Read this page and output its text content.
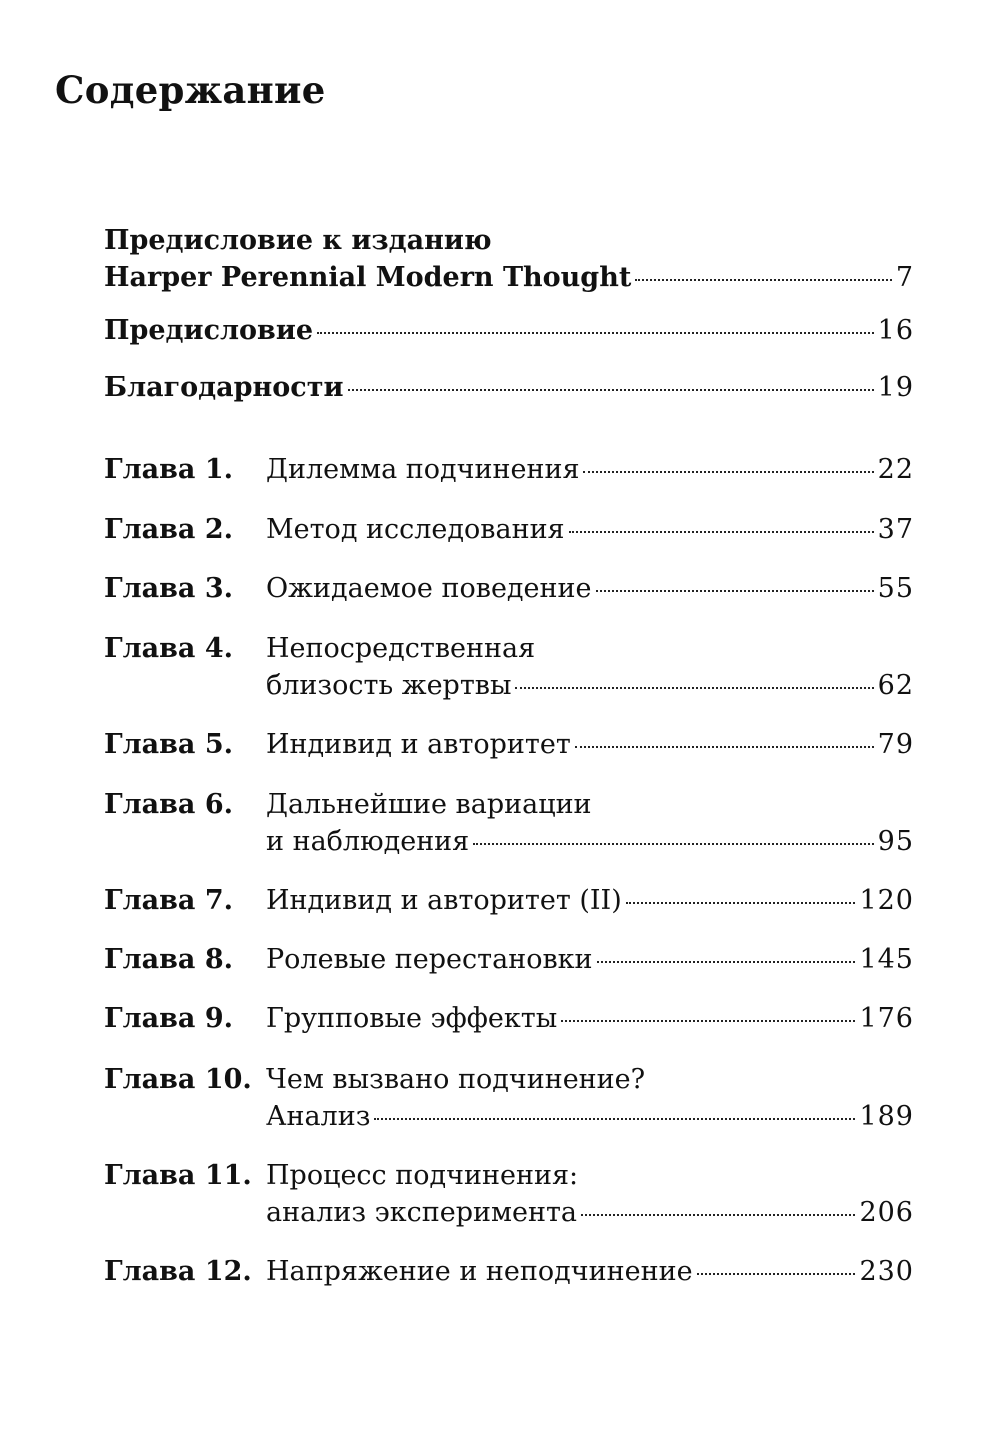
Содержание
Предисловие к изданию
Harper Perennial Modern Thought	7
Предисловие	16
Благодарности	19
Глава 1.	Дилемма подчинения	22
Глава 2.	Метод исследования	37
Глава 3.	Ожидаемое поведение	55
Глава 4.	Непосредственная
близость жертвы	62
Глава 5.	Индивид и авторитет	79
Глава 6.	Дальнейшие вариации
и наблюдения	95
Глава 7.	Индивид и авторитет (II)	120
Глава 8.	Ролевые перестановки	145
Глава 9.	Групповые эффекты	176
Глава 10. Чем вызвано подчинение?
Анализ	189
Глава 11. Процесс подчинения:
анализ эксперимента	206
Глава 12. Напряжение и неподчинение	230
